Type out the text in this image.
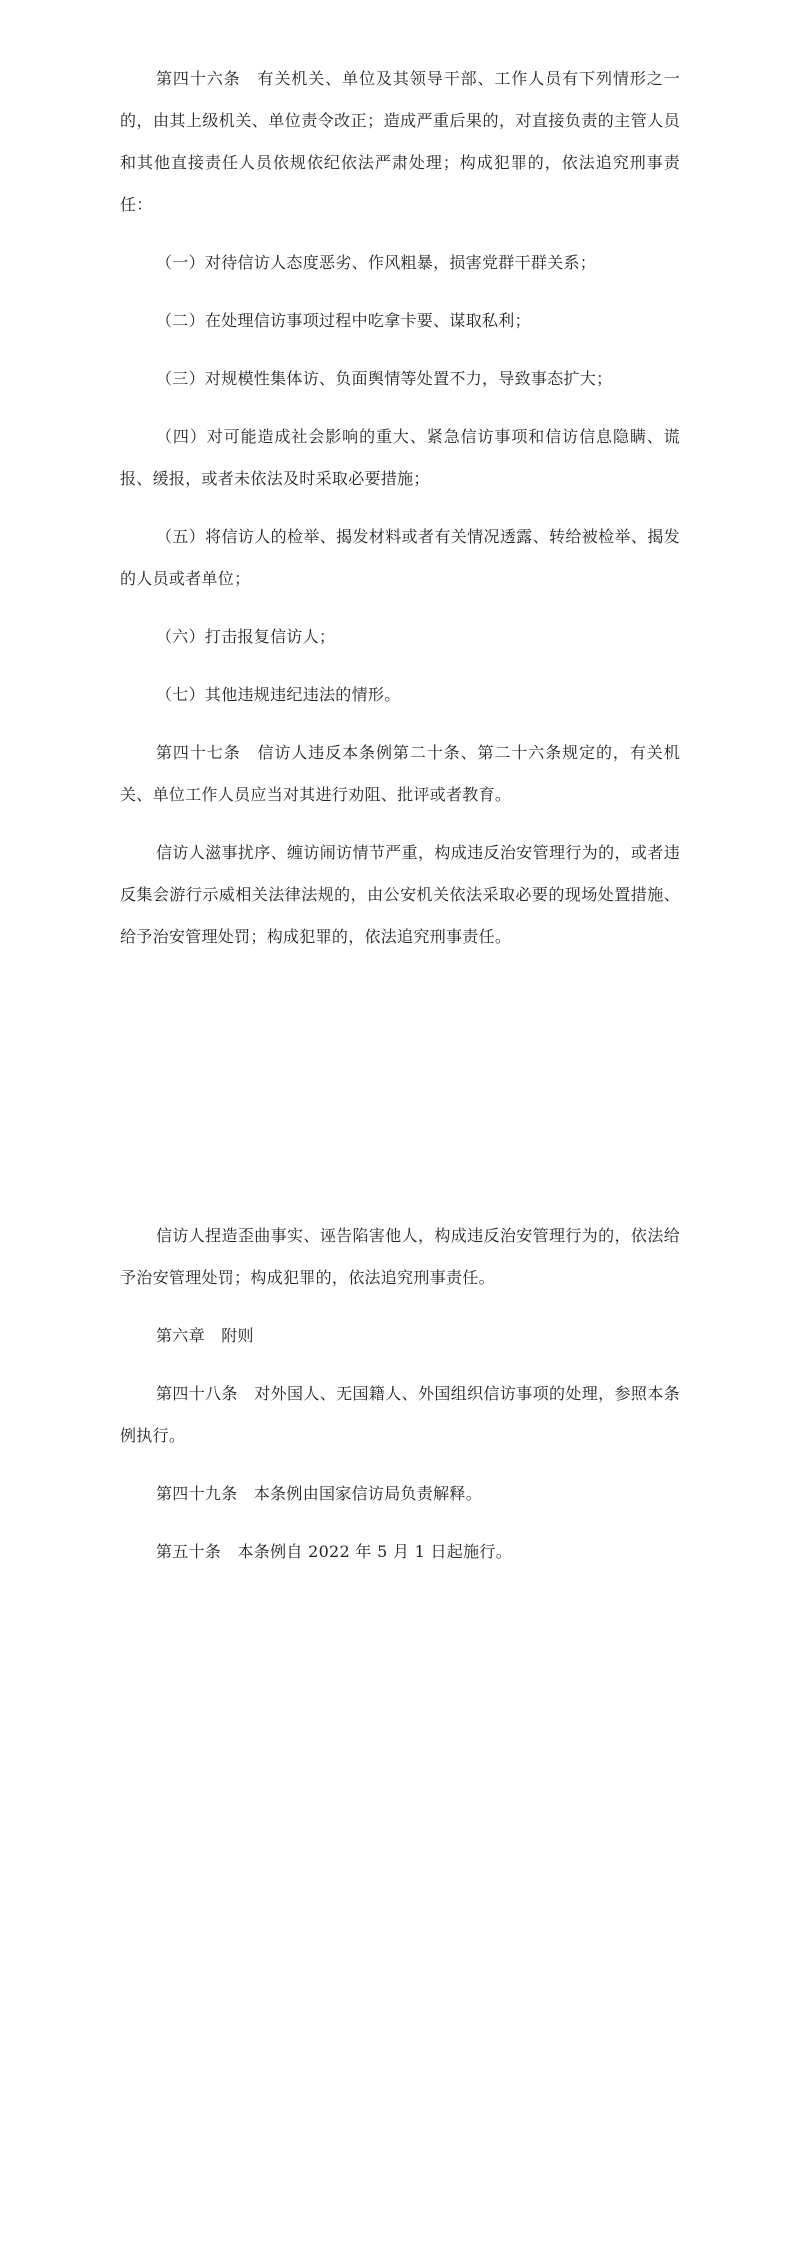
第四十六条　有关机关、单位及其领导干部、工作人员有下列情形之一的，由其上级机关、单位责令改正；造成严重后果的，对直接负责的主管人员和其他直接责任人员依规依纪依法严肃处理；构成犯罪的，依法追究刑事责任：

（一）对待信访人态度恶劣、作风粗暴，损害党群干群关系；

（二）在处理信访事项过程中吃拿卡要、谋取私利；

（三）对规模性集体访、负面舆情等处置不力，导致事态扩大；

（四）对可能造成社会影响的重大、紧急信访事项和信访信息隐瞒、谎报、缓报，或者未依法及时采取必要措施；

（五）将信访人的检举、揭发材料或者有关情况透露、转给被检举、揭发的人员或者单位；

（六）打击报复信访人；

（七）其他违规违纪违法的情形。

第四十七条　信访人违反本条例第二十条、第二十六条规定的，有关机关、单位工作人员应当对其进行劝阻、批评或者教育。

信访人滋事扰序、缠访闹访情节严重，构成违反治安管理行为的，或者违反集会游行示威相关法律法规的，由公安机关依法采取必要的现场处置措施、给予治安管理处罚；构成犯罪的，依法追究刑事责任。

信访人捏造歪曲事实、诬告陷害他人，构成违反治安管理行为的，依法给予治安管理处罚；构成犯罪的，依法追究刑事责任。

第六章　附则

第四十八条　对外国人、无国籍人、外国组织信访事项的处理，参照本条例执行。

第四十九条　本条例由国家信访局负责解释。

第五十条　本条例自 2022 年 5 月 1 日起施行。
